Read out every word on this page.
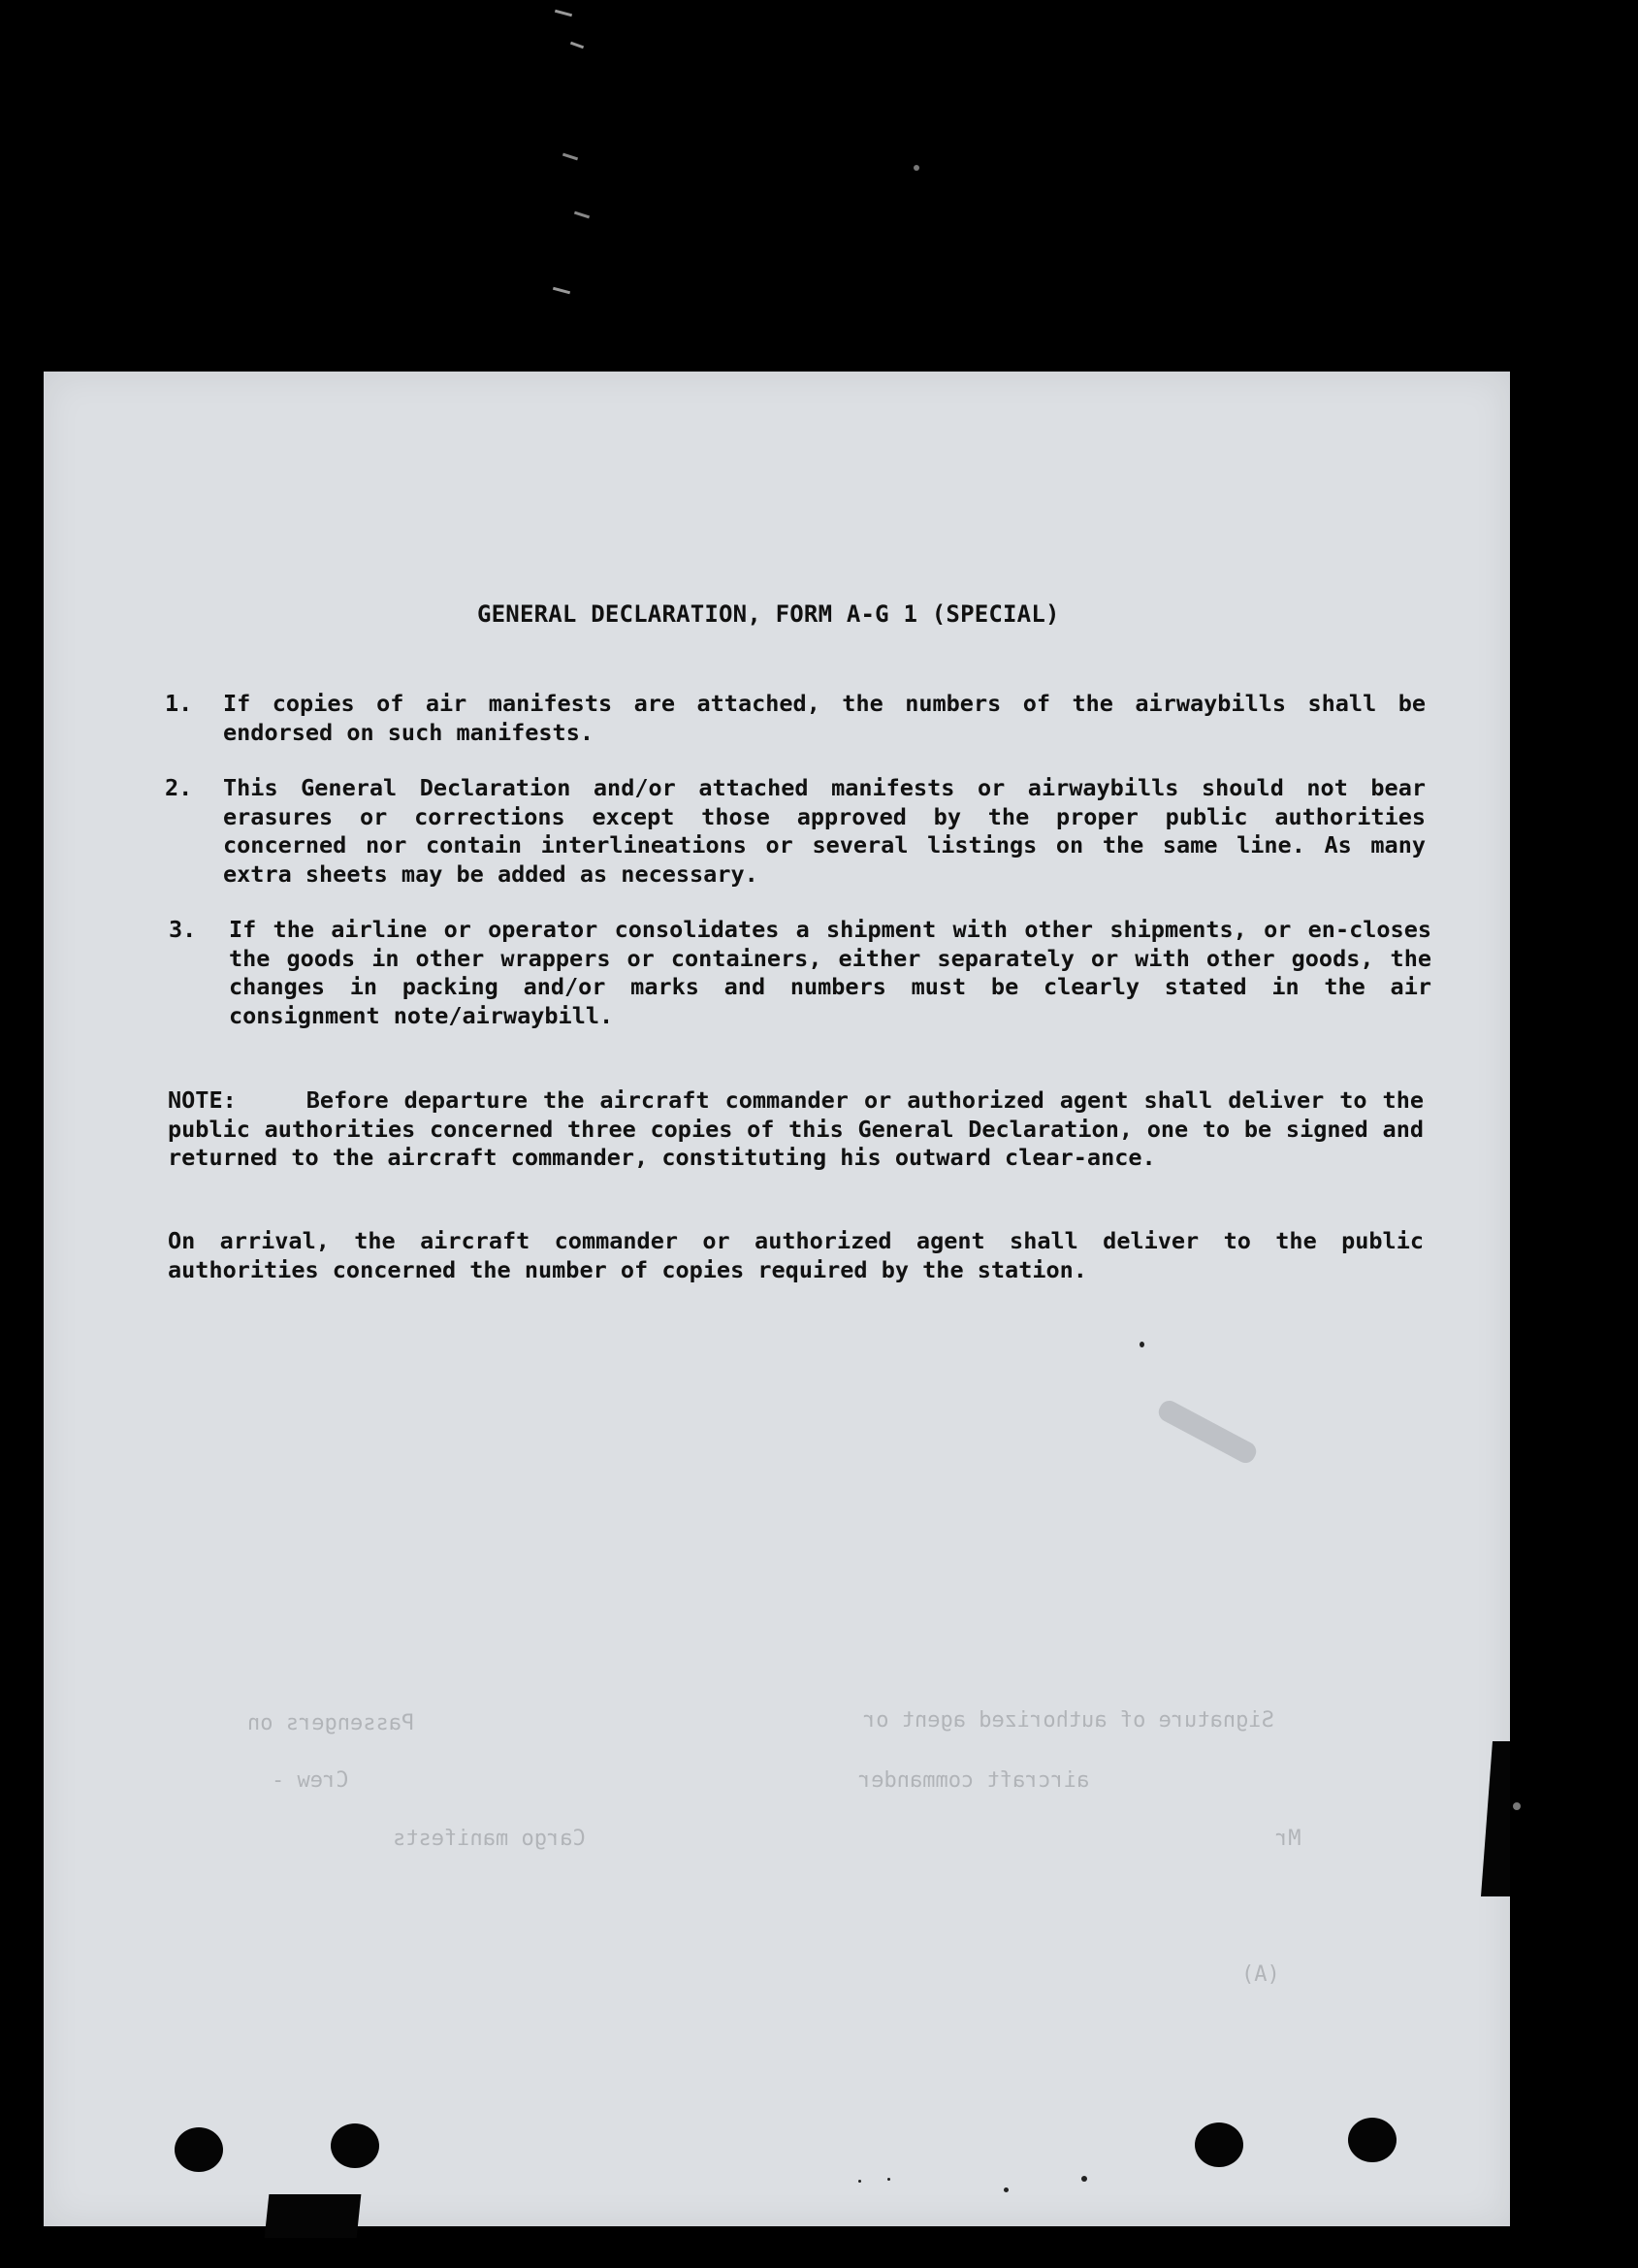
GENERAL DECLARATION, FORM A-G 1 (SPECIAL)
1. If copies of air manifests are attached, the numbers of the airwaybills shall be endorsed on such manifests.
2. This General Declaration and/or attached manifests or airwaybills should not bear erasures or corrections except those approved by the proper public authorities concerned nor contain interlineations or several listings on the same line. As many extra sheets may be added as necessary.
3. If the airline or operator consolidates a shipment with other shipments, or en-closes the goods in other wrappers or containers, either separately or with other goods, the changes in packing and/or marks and numbers must be clearly stated in the air consignment note/airwaybill.
NOTE:	Before departure the aircraft commander or authorized agent shall deliver to the public authorities concerned three copies of this General Declaration, one to be signed and returned to the aircraft commander, constituting his outward clear-ance.
On arrival, the aircraft commander or authorized agent shall deliver to the public authorities concerned the number of copies required by the station.
Passengers on	Signature of authorized agent or
Crew -	aircraft commander
Cargo manifests	Mr
(A)
